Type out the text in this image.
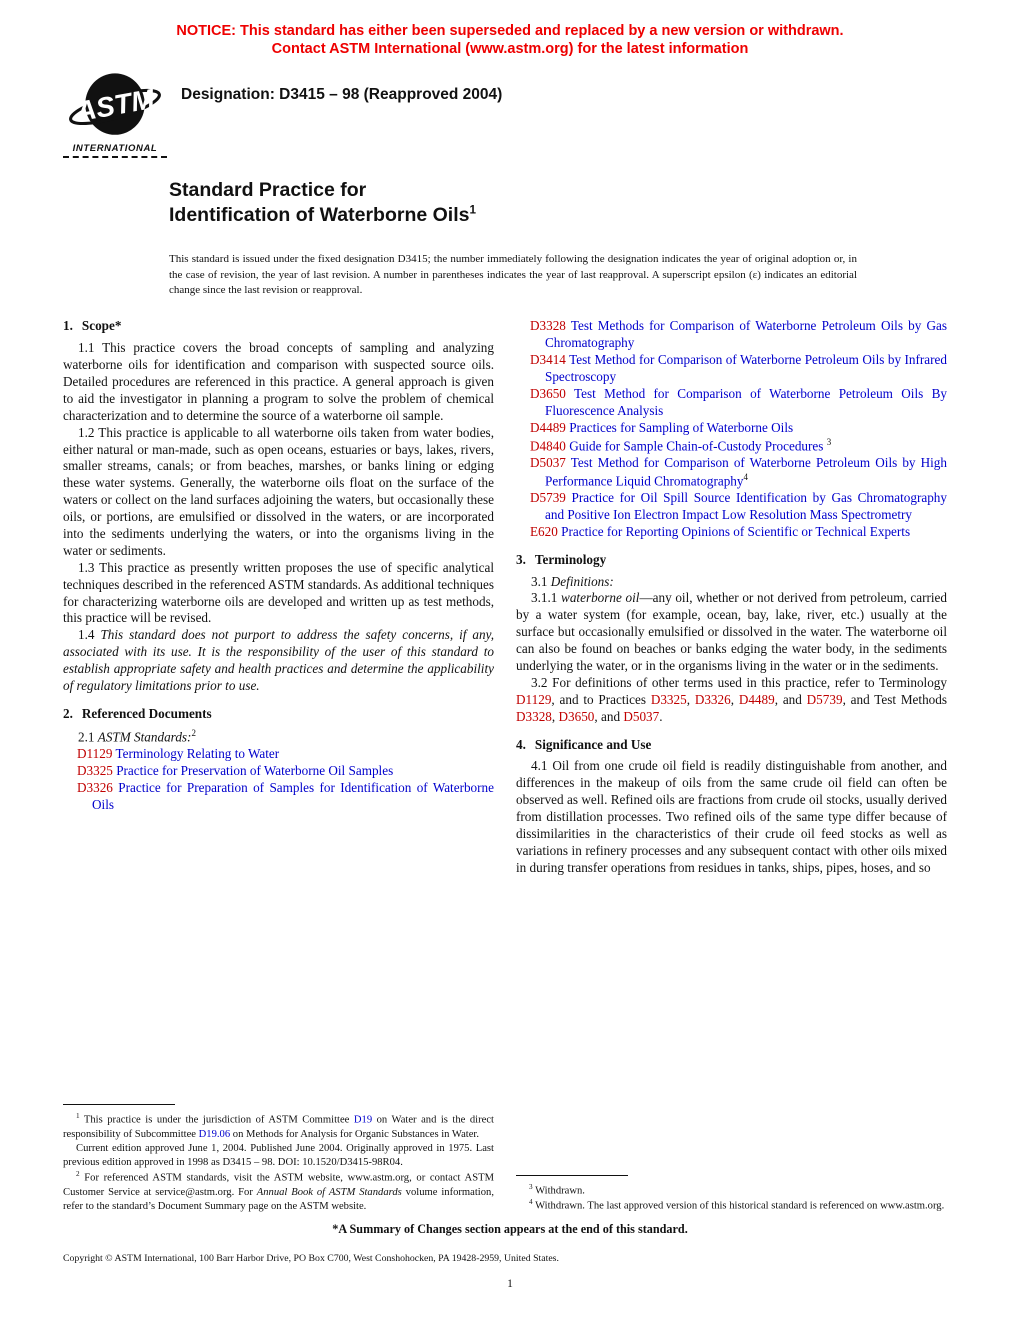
NOTICE: This standard has either been superseded and replaced by a new version or withdrawn.
Contact ASTM International (www.astm.org) for the latest information
ASTM
INTERNATIONAL
Designation: D3415 – 98 (Reapproved 2004)
Standard Practice for
Identification of Waterborne Oils$^1$
This standard is issued under the fixed designation D3415; the number immediately following the designation indicates the year of original adoption or, in the case of revision, the year of last revision. A number in parentheses indicates the year of last reapproval. A superscript epsilon (ε) indicates an editorial change since the last revision or reapproval.
1. Scope*

1.1 This practice covers the broad concepts of sampling and analyzing waterborne oils for identification and comparison with suspected source oils. Detailed procedures are referenced in this practice. A general approach is given to aid the investigator in planning a program to solve the problem of chemical characterization and to determine the source of a waterborne oil sample.

1.2 This practice is applicable to all waterborne oils taken from water bodies, either natural or man-made, such as open oceans, estuaries or bays, lakes, rivers, smaller streams, canals; or from beaches, marshes, or banks lining or edging these water systems. Generally, the waterborne oils float on the surface of the waters or collect on the land surfaces adjoining the waters, but occasionally these oils, or portions, are emulsified or dissolved in the waters, or are incorporated into the sediments underlying the waters, or into the organisms living in the water or sediments.

1.3 This practice as presently written proposes the use of specific analytical techniques described in the referenced ASTM standards. As additional techniques for characterizing waterborne oils are developed and written up as test methods, this practice will be revised.

1.4 This standard does not purport to address the safety concerns, if any, associated with its use. It is the responsibility of the user of this standard to establish appropriate safety and health practices and determine the applicability of regulatory limitations prior to use.

2. Referenced Documents

2.1 ASTM Standards:$^2$

D1129 Terminology Relating to Water
D3325 Practice for Preservation of Waterborne Oil Samples
D3326 Practice for Preparation of Samples for Identification of Waterborne Oils

$^1$ This practice is under the jurisdiction of ASTM Committee D19 on Water and is the direct responsibility of Subcommittee D19.06 on Methods for Analysis for Organic Substances in Water.

Current edition approved June 1, 2004. Published June 2004. Originally approved in 1975. Last previous edition approved in 1998 as D3415 – 98. DOI: 10.1520/D3415-98R04.

$^2$ For referenced ASTM standards, visit the ASTM website, www.astm.org, or contact ASTM Customer Service at service@astm.org. For Annual Book of ASTM Standards volume information, refer to the standard’s Document Summary page on the ASTM website.

D3328 Test Methods for Comparison of Waterborne Petroleum Oils by Gas Chromatography
D3414 Test Method for Comparison of Waterborne Petroleum Oils by Infrared Spectroscopy
D3650 Test Method for Comparison of Waterborne Petroleum Oils By Fluorescence Analysis
D4489 Practices for Sampling of Waterborne Oils
D4840 Guide for Sample Chain-of-Custody Procedures $^3$
D5037 Test Method for Comparison of Waterborne Petroleum Oils by High Performance Liquid Chromatography$^4$
D5739 Practice for Oil Spill Source Identification by Gas Chromatography and Positive Ion Electron Impact Low Resolution Mass Spectrometry
E620 Practice for Reporting Opinions of Scientific or Technical Experts
3. Terminology

3.1 Definitions:

3.1.1 waterborne oil—any oil, whether or not derived from petroleum, carried by a water system (for example, ocean, bay, lake, river, etc.) usually at the surface but occasionally emulsified or dissolved in the water. The waterborne oil can also be found on beaches or banks edging the water body, in the sediments underlying the water, or in the organisms living in the water or in the sediments.

3.2 For definitions of other terms used in this practice, refer to Terminology D1129, and to Practices D3325, D3326, D4489, and D5739, and Test Methods D3328, D3650, and D5037.

4. Significance and Use

4.1 Oil from one crude oil field is readily distinguishable from another, and differences in the makeup of oils from the same crude oil field can often be observed as well. Refined oils are fractions from crude oil stocks, usually derived from distillation processes. Two refined oils of the same type differ because of dissimilarities in the characteristics of their crude oil feed stocks as well as variations in refinery processes and any subsequent contact with other oils mixed in during transfer operations from residues in tanks, ships, pipes, hoses, and so

$^3$ Withdrawn.

$^4$ Withdrawn. The last approved version of this historical standard is referenced on www.astm.org.

*A Summary of Changes section appears at the end of this standard.
Copyright © ASTM International, 100 Barr Harbor Drive, PO Box C700, West Conshohocken, PA 19428-2959, United States.
1
